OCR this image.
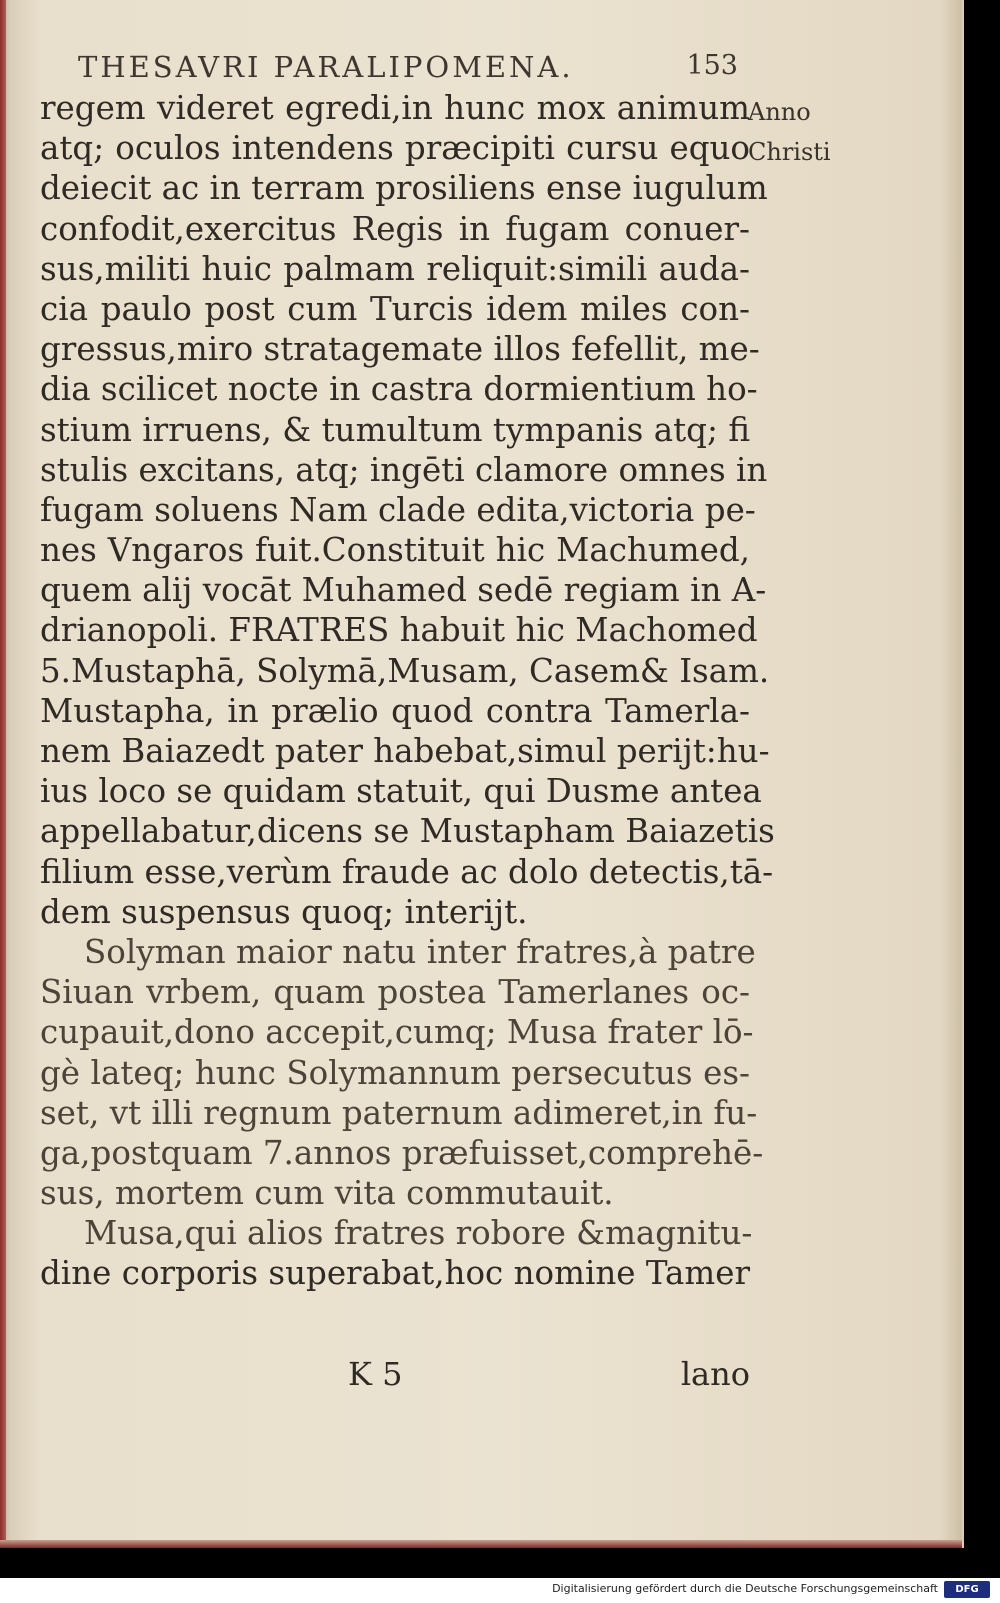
THESAVRI PARALIPOMENA.	153
Anno
Christi
regem videret egredi,in hunc mox animum
atq; oculos intendens præcipiti cursu equo
deiecit ac in terram prosiliens ense iugulum
confodit,exercitus Regis in fugam conuer-
sus,militi huic palmam reliquit:simili auda-
cia paulo post cum Turcis idem miles con-
gressus,miro stratagemate illos fefellit, me-
dia scilicet nocte in castra dormientium ho-
stium irruens, & tumultum tympanis atq; fi
stulis excitans, atq; ingēti clamore omnes in
fugam soluens Nam clade edita,victoria pe-
nes Vngaros fuit.Constituit hic Machumed,
quem alij vocāt Muhamed sedē regiam in A-
drianopoli. FRATRES habuit hic Machomed
5.Mustaphā, Solymā,Musam, Casem& Isam.
Mustapha, in prælio quod contra Tamerla-
nem Baiazedt pater habebat,simul perijt:hu-
ius loco se quidam statuit, qui Dusme antea
appellabatur,dicens se Mustapham Baiazetis
filium esse,verùm fraude ac dolo detectis,tā-
dem suspensus quoq; interijt.
Solyman maior natu inter fratres,à patre
Siuan vrbem, quam postea Tamerlanes oc-
cupauit,dono accepit,cumq; Musa frater lō-
gè lateq; hunc Solymannum persecutus es-
set, vt illi regnum paternum adimeret,in fu-
ga,postquam 7.annos præfuisset,comprehē-
sus, mortem cum vita commutauit.
Musa,qui alios fratres robore &magnitu-
dine corporis superabat,hoc nomine Tamer
K 5	lano
Digitalisierung gefördert durch die Deutsche Forschungsgemeinschaft	DFG
